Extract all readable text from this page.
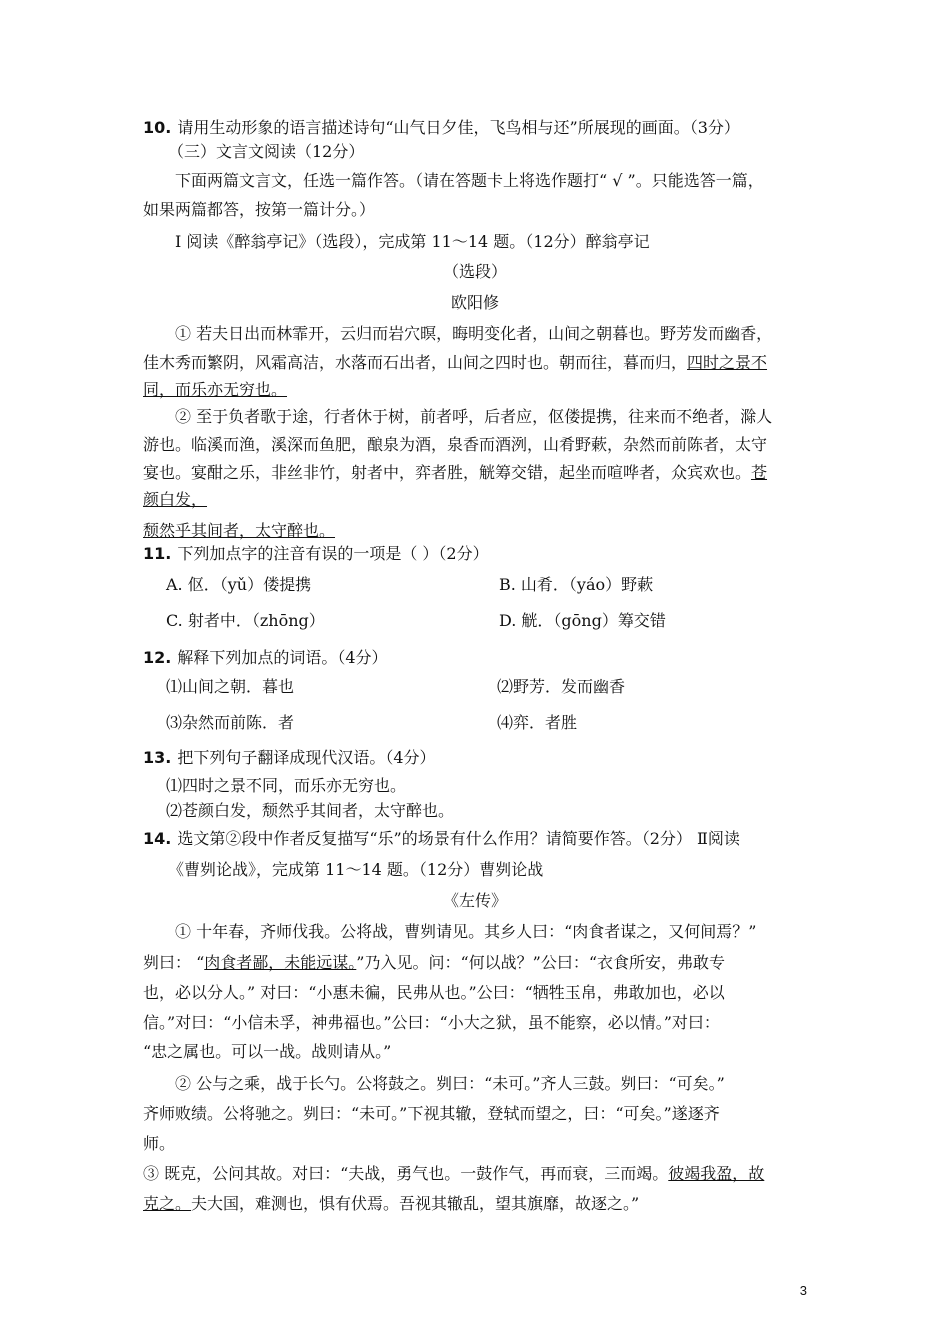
10. 请用生动形象的语言描述诗句“山气日夕佳，飞鸟相与还”所展现的画面。（3分）
（三）文言文阅读（12分）
下面两篇文言文，任选一篇作答。（请在答题卡上将选作题打“ √ ”。只能选答一篇，
如果两篇都答，按第一篇计分。）
Ⅰ 阅读《醉翁亭记》（选段），完成第 11～14 题。（12分）醉翁亭记
（选段）
欧阳修
① 若夫日出而林霏开，云归而岩穴暝，晦明变化者，山间之朝暮也。野芳发而幽香，
佳木秀而繁阴，风霜高洁，水落而石出者，山间之四时也。朝而往，暮而归，四时之景不
同，而乐亦无穷也。
② 至于负者歌于途，行者休于树，前者呼，后者应，伛偻提携，往来而不绝者，滁人
游也。临溪而渔，溪深而鱼肥，酿泉为酒，泉香而酒洌，山肴野蔌，杂然而前陈者，太守
宴也。宴酣之乐，非丝非竹，射者中，弈者胜，觥筹交错，起坐而喧哗者，众宾欢也。苍
颜白发，
颓然乎其间者，太守醉也。
11. 下列加点字的注音有误的一项是（ ）（2分）
A. 伛．（yǔ）偻提携	B. 山肴．（yáo）野蔌
C. 射者中．（zhōng）	D. 觥．（gōng）筹交错
12. 解释下列加点的词语。（4分）
⑴山间之朝．暮也	⑵野芳．发而幽香
⑶杂然而前陈．者	⑷弈．者胜
13. 把下列句子翻译成现代汉语。（4分）
⑴四时之景不同，而乐亦无穷也。
⑵苍颜白发，颓然乎其间者，太守醉也。
14. 选文第②段中作者反复描写“乐”的场景有什么作用？请简要作答。（2分） Ⅱ阅读
《曹刿论战》，完成第 11～14 题。（12分）曹刿论战
《左传》
① 十年春，齐师伐我。公将战，曹刿请见。其乡人曰：“肉食者谋之，又何间焉？”
刿曰： “肉食者鄙，未能远谋。”乃入见。问：“何以战？”公曰：“衣食所安，弗敢专
也，必以分人。” 对曰：“小惠未徧，民弗从也。”公曰：“牺牲玉帛，弗敢加也，必以
信。”对曰：“小信未孚，神弗福也。”公曰：“小大之狱，虽不能察，必以情。”对曰：
“忠之属也。可以一战。战则请从。”
② 公与之乘，战于长勺。公将鼓之。刿曰：“未可。”齐人三鼓。刿曰：“可矣。”
齐师败绩。公将驰之。刿曰：“未可。”下视其辙，登轼而望之，曰：“可矣。”遂逐齐
师。
③ 既克，公问其故。对曰：“夫战，勇气也。一鼓作气，再而衰，三而竭。彼竭我盈，故
克之。夫大国，难测也，惧有伏焉。吾视其辙乱，望其旗靡，故逐之。”
3
